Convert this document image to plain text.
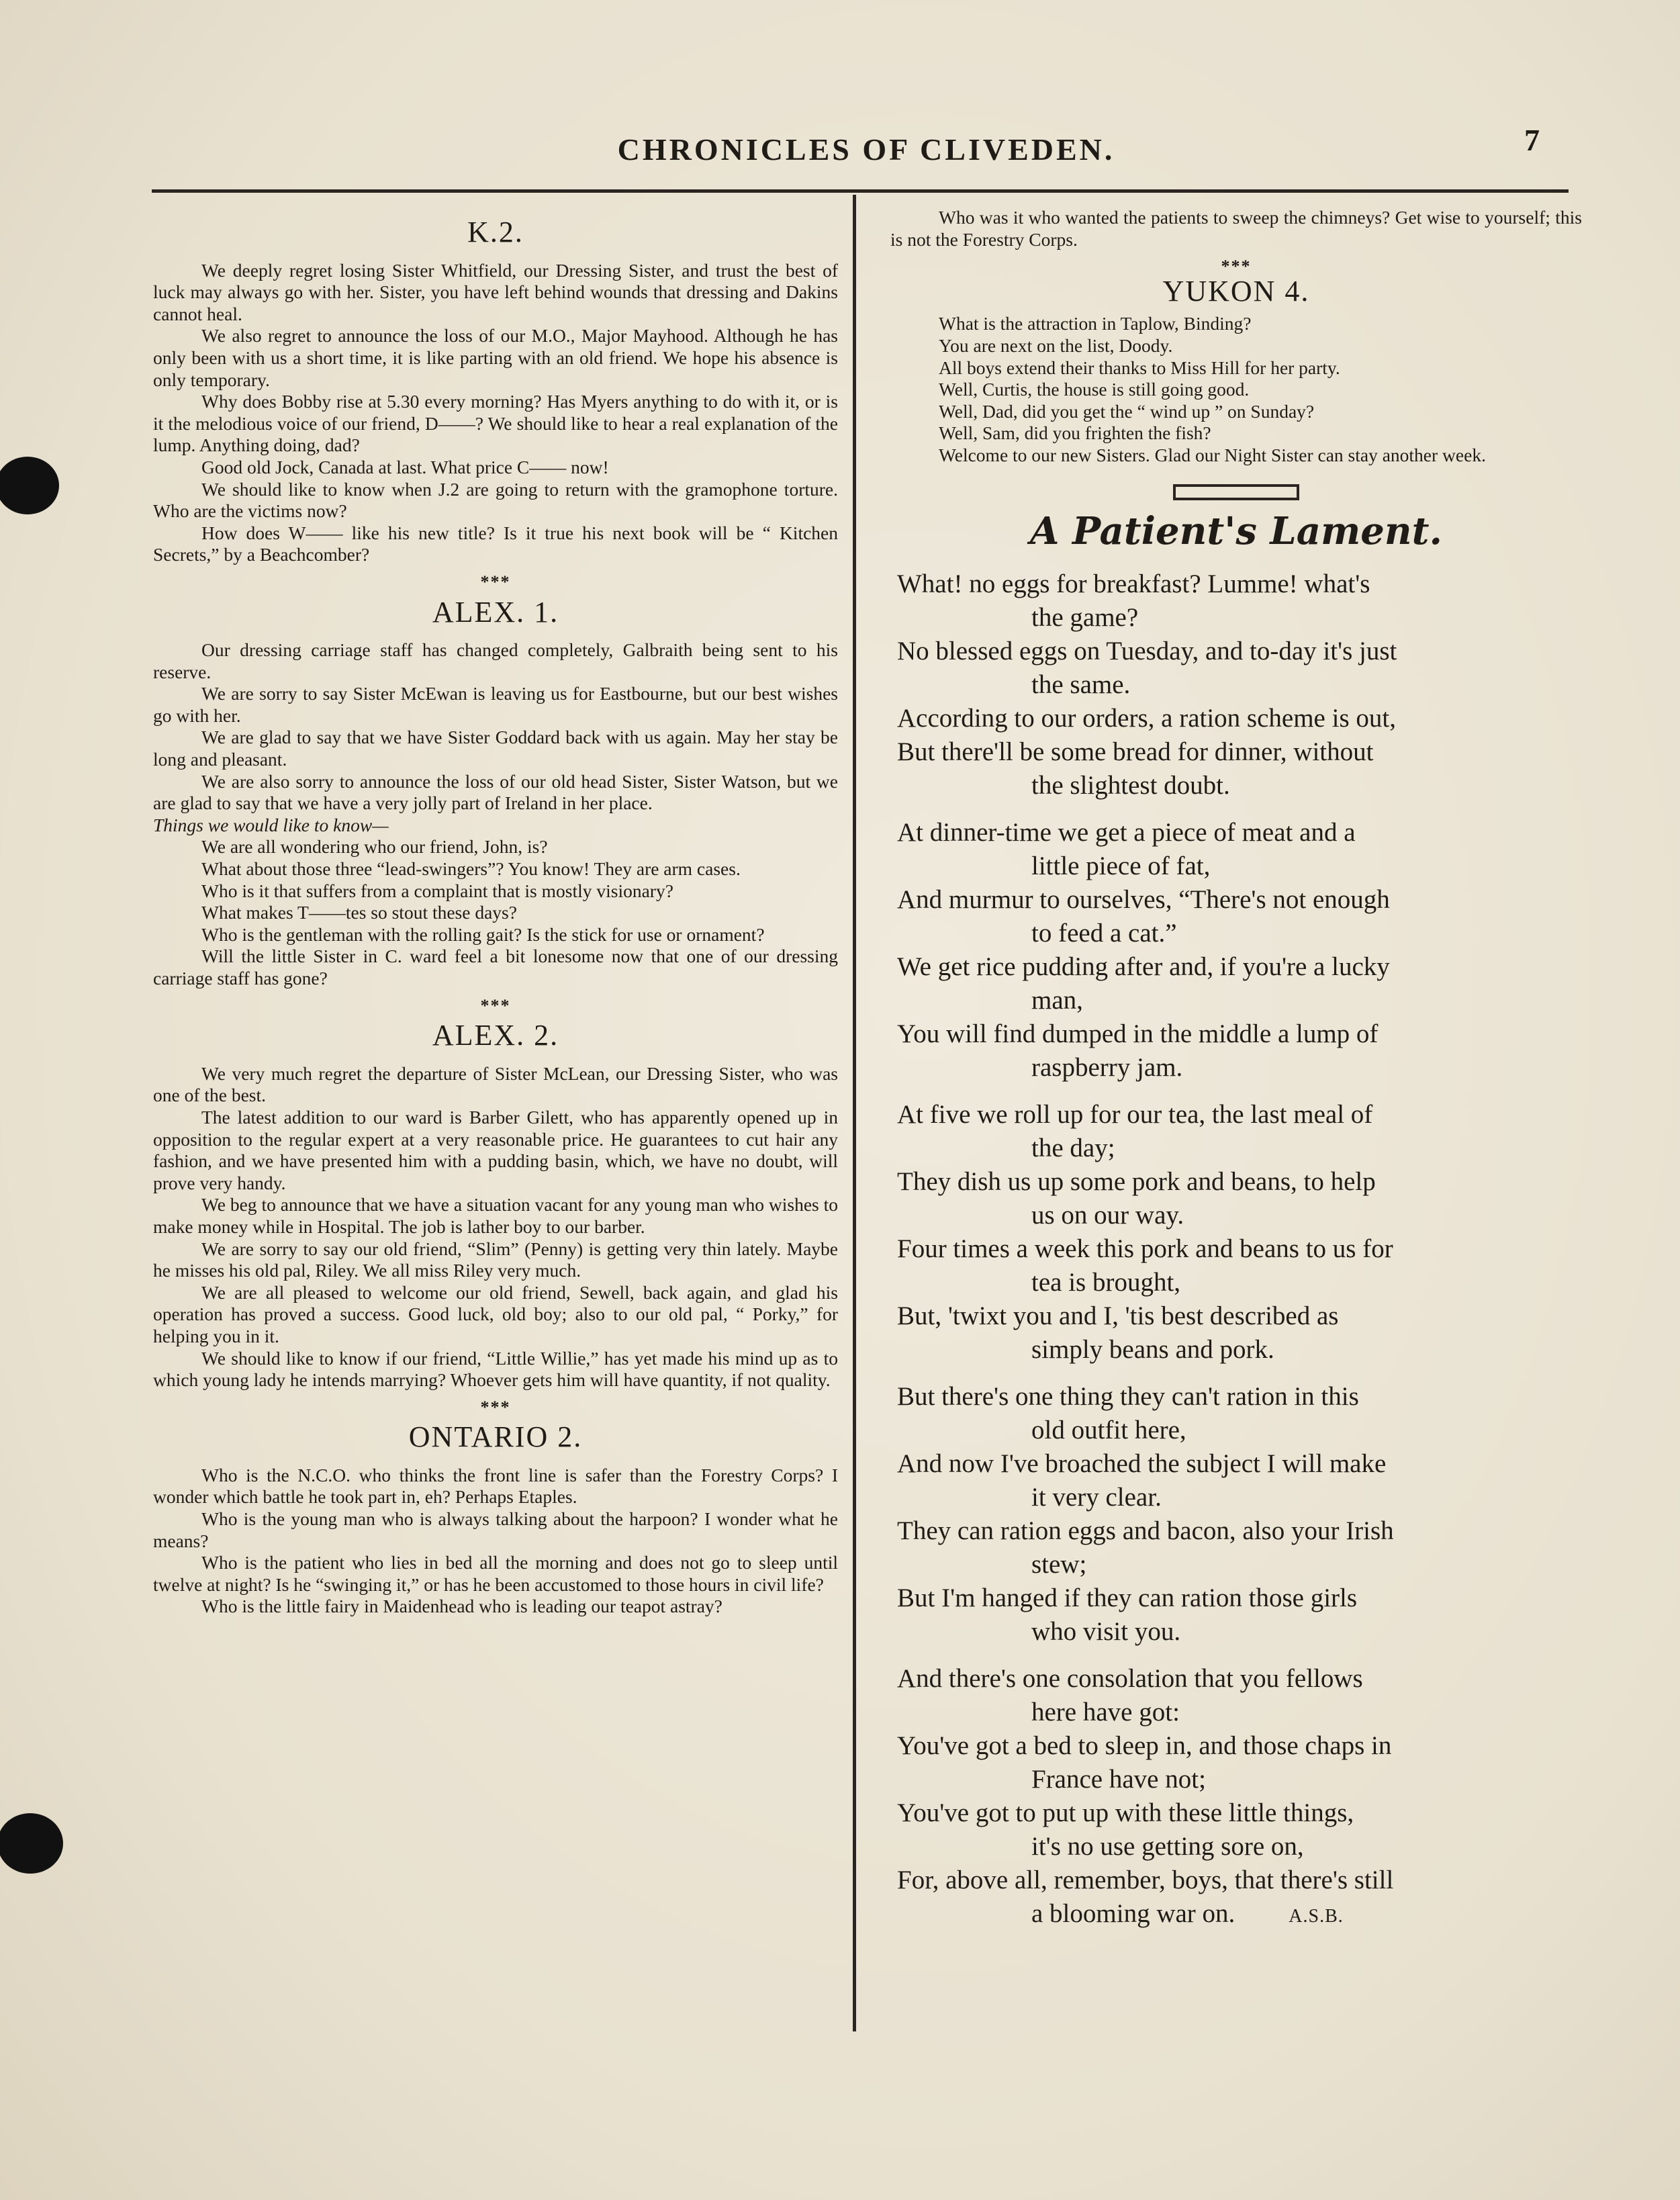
CHRONICLES OF CLIVEDEN.	7
K.2.

We deeply regret losing Sister Whitfield, our Dressing Sister, and trust the best of luck may always go with her. Sister, you have left behind wounds that dressing and Dakins cannot heal.

We also regret to announce the loss of our M.O., Major Mayhood. Although he has only been with us a short time, it is like parting with an old friend. We hope his absence is only temporary.

Why does Bobby rise at 5.30 every morning? Has Myers anything to do with it, or is it the melodious voice of our friend, D——? We should like to hear a real explanation of the lump. Anything doing, dad?

Good old Jock, Canada at last. What price C—— now!

We should like to know when J.2 are going to return with the gramophone torture. Who are the victims now?

How does W—— like his new title? Is it true his next book will be “ Kitchen Secrets,” by a Beachcomber?

***
ALEX. 1.

Our dressing carriage staff has changed completely, Galbraith being sent to his reserve.

We are sorry to say Sister McEwan is leaving us for Eastbourne, but our best wishes go with her.

We are glad to say that we have Sister Goddard back with us again. May her stay be long and pleasant.

We are also sorry to announce the loss of our old head Sister, Sister Watson, but we are glad to say that we have a very jolly part of Ireland in her place.

Things we would like to know—

We are all wondering who our friend, John, is?

What about those three “lead-swingers”? You know! They are arm cases.

Who is it that suffers from a complaint that is mostly visionary?

What makes T——tes so stout these days?

Who is the gentleman with the rolling gait? Is the stick for use or ornament?

Will the little Sister in C. ward feel a bit lonesome now that one of our dressing carriage staff has gone?

***
ALEX. 2.

We very much regret the departure of Sister McLean, our Dressing Sister, who was one of the best.

The latest addition to our ward is Barber Gilett, who has apparently opened up in opposition to the regular expert at a very reasonable price. He guarantees to cut hair any fashion, and we have presented him with a pudding basin, which, we have no doubt, will prove very handy.

We beg to announce that we have a situation vacant for any young man who wishes to make money while in Hospital. The job is lather boy to our barber.

We are sorry to say our old friend, “Slim” (Penny) is getting very thin lately. Maybe he misses his old pal, Riley. We all miss Riley very much.

We are all pleased to welcome our old friend, Sewell, back again, and glad his operation has proved a success. Good luck, old boy; also to our old pal, “ Porky,” for helping you in it.

We should like to know if our friend, “Little Willie,” has yet made his mind up as to which young lady he intends marrying? Whoever gets him will have quantity, if not quality.

***
ONTARIO 2.

Who is the N.C.O. who thinks the front line is safer than the Forestry Corps? I wonder which battle he took part in, eh? Perhaps Etaples.

Who is the young man who is always talking about the harpoon? I wonder what he means?

Who is the patient who lies in bed all the morning and does not go to sleep until twelve at night? Is he “swinging it,” or has he been accustomed to those hours in civil life?

Who is the little fairy in Maidenhead who is leading our teapot astray?

Who was it who wanted the patients to sweep the chimneys? Get wise to yourself; this is not the Forestry Corps.

***
YUKON 4.

What is the attraction in Taplow, Binding?

You are next on the list, Doody.

All boys extend their thanks to Miss Hill for her party.

Well, Curtis, the house is still going good.

Well, Dad, did you get the “ wind up ” on Sunday?

Well, Sam, did you frighten the fish?

Welcome to our new Sisters. Glad our Night Sister can stay another week.

A Patient's Lament.
What! no eggs for breakfast? Lumme! what's
the game?
No blessed eggs on Tuesday, and to-day it's just
the same.
According to our orders, a ration scheme is out,
But there'll be some bread for dinner, without
the slightest doubt.
At dinner-time we get a piece of meat and a
little piece of fat,
And murmur to ourselves, “There's not enough
to feed a cat.”
We get rice pudding after and, if you're a lucky
man,
You will find dumped in the middle a lump of
raspberry jam.
At five we roll up for our tea, the last meal of
the day;
They dish us up some pork and beans, to help
us on our way.
Four times a week this pork and beans to us for
tea is brought,
But, 'twixt you and I, 'tis best described as
simply beans and pork.
But there's one thing they can't ration in this
old outfit here,
And now I've broached the subject I will make
it very clear.
They can ration eggs and bacon, also your Irish
stew;
But I'm hanged if they can ration those girls
who visit you.
And there's one consolation that you fellows
here have got:
You've got a bed to sleep in, and those chaps in
France have not;
You've got to put up with these little things,
it's no use getting sore on,
For, above all, remember, boys, that there's still
a blooming war on.	A.S.B.
